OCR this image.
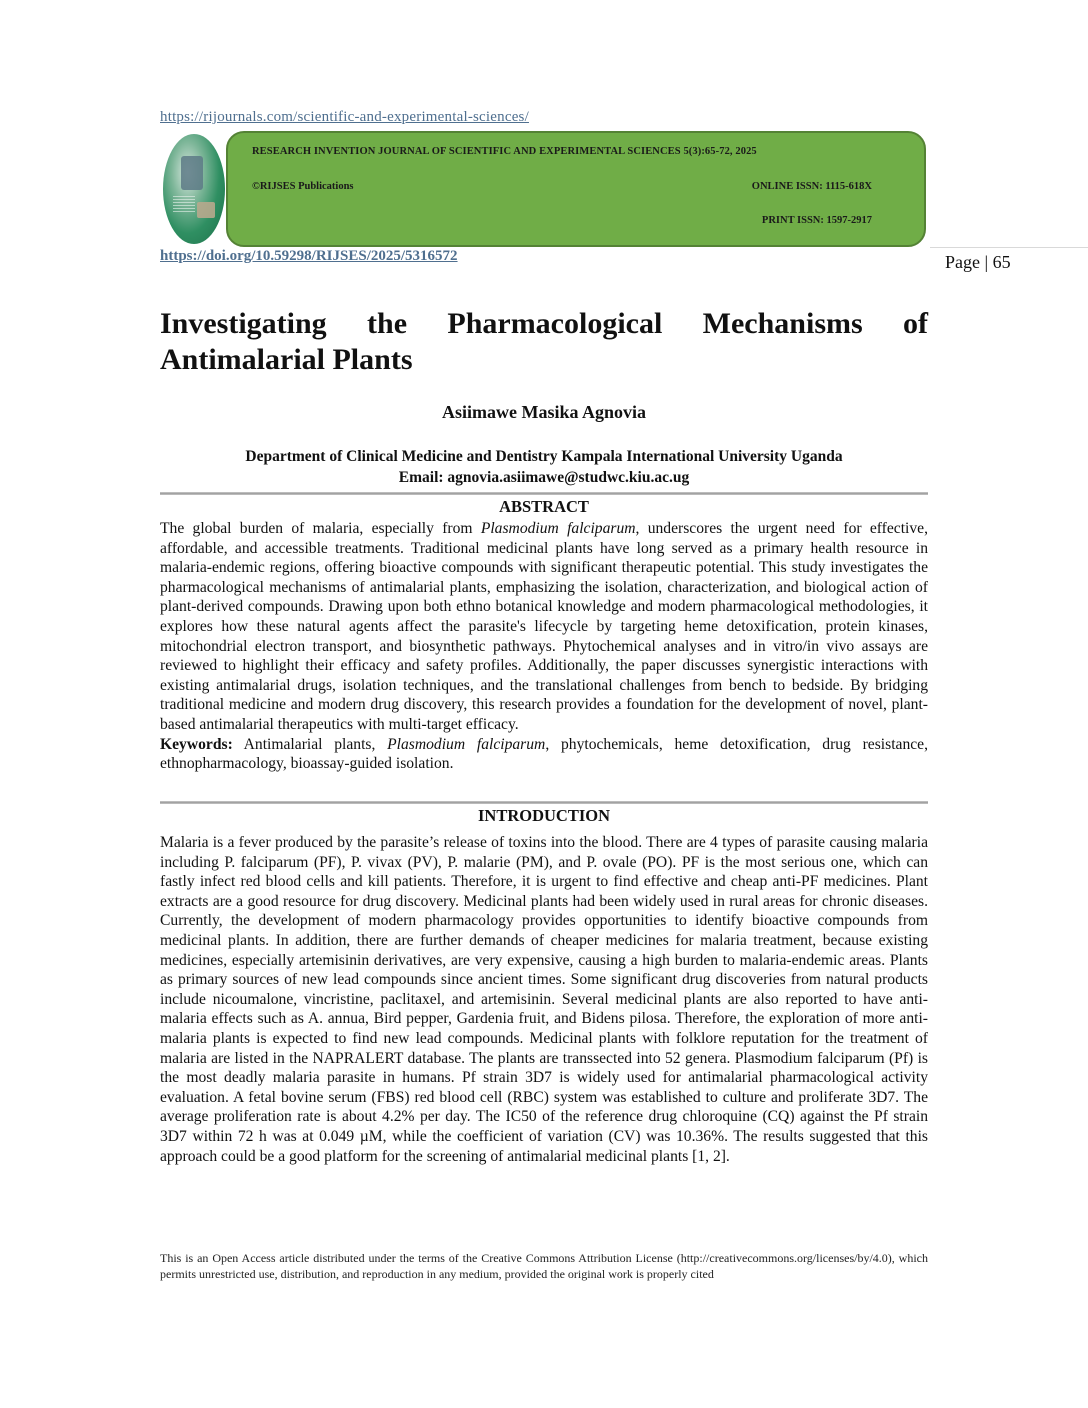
https://rijournals.com/scientific-and-experimental-sciences/
RESEARCH INVENTION JOURNAL OF SCIENTIFIC AND EXPERIMENTAL SCIENCES 5(3):65-72, 2025
©RIJSES Publications	ONLINE ISSN: 1115-618X
PRINT ISSN: 1597-2917
https://doi.org/10.59298/RIJSES/2025/5316572	Page | 65
Investigating the Pharmacological Mechanisms of
Antimalarial Plants
Asiimawe Masika Agnovia
Department of Clinical Medicine and Dentistry Kampala International University Uganda
Email: agnovia.asiimawe@studwc.kiu.ac.ug
ABSTRACT

The global burden of malaria, especially from Plasmodium falciparum, underscores the urgent need for effective, affordable, and accessible treatments. Traditional medicinal plants have long served as a primary health resource in malaria-endemic regions, offering bioactive compounds with significant therapeutic potential. This study investigates the pharmacological mechanisms of antimalarial plants, emphasizing the isolation, characterization, and biological action of plant-derived compounds. Drawing upon both ethno botanical knowledge and modern pharmacological methodologies, it explores how these natural agents affect the parasite's lifecycle by targeting heme detoxification, protein kinases, mitochondrial electron transport, and biosynthetic pathways. Phytochemical analyses and in vitro/in vivo assays are reviewed to highlight their efficacy and safety profiles. Additionally, the paper discusses synergistic interactions with existing antimalarial drugs, isolation techniques, and the translational challenges from bench to bedside. By bridging traditional medicine and modern drug discovery, this research provides a foundation for the development of novel, plant-based antimalarial therapeutics with multi-target efficacy.
Keywords: Antimalarial plants, Plasmodium falciparum, phytochemicals, heme detoxification, drug resistance, ethnopharmacology, bioassay-guided isolation.

INTRODUCTION

Malaria is a fever produced by the parasite’s release of toxins into the blood. There are 4 types of parasite causing malaria including P. falciparum (PF), P. vivax (PV), P. malarie (PM), and P. ovale (PO). PF is the most serious one, which can fastly infect red blood cells and kill patients. Therefore, it is urgent to find effective and cheap anti-PF medicines. Plant extracts are a good resource for drug discovery. Medicinal plants had been widely used in rural areas for chronic diseases. Currently, the development of modern pharmacology provides opportunities to identify bioactive compounds from medicinal plants. In addition, there are further demands of cheaper medicines for malaria treatment, because existing medicines, especially artemisinin derivatives, are very expensive, causing a high burden to malaria-endemic areas. Plants as primary sources of new lead compounds since ancient times. Some significant drug discoveries from natural products include nicoumalone, vincristine, paclitaxel, and artemisinin. Several medicinal plants are also reported to have anti-malaria effects such as A. annua, Bird pepper, Gardenia fruit, and Bidens pilosa. Therefore, the exploration of more anti-malaria plants is expected to find new lead compounds. Medicinal plants with folklore reputation for the treatment of malaria are listed in the NAPRALERT database. The plants are transsected into 52 genera. Plasmodium falciparum (Pf) is the most deadly malaria parasite in humans. Pf strain 3D7 is widely used for antimalarial pharmacological activity evaluation. A fetal bovine serum (FBS) red blood cell (RBC) system was established to culture and proliferate 3D7. The average proliferation rate is about 4.2% per day. The IC50 of the reference drug chloroquine (CQ) against the Pf strain 3D7 within 72 h was at 0.049 µM, while the coefficient of variation (CV) was 10.36%. The results suggested that this approach could be a good platform for the screening of antimalarial medicinal plants [1, 2].

This is an Open Access article distributed under the terms of the Creative Commons Attribution License (http://creativecommons.org/licenses/by/4.0), which permits unrestricted use, distribution, and reproduction in any medium, provided the original work is properly cited
